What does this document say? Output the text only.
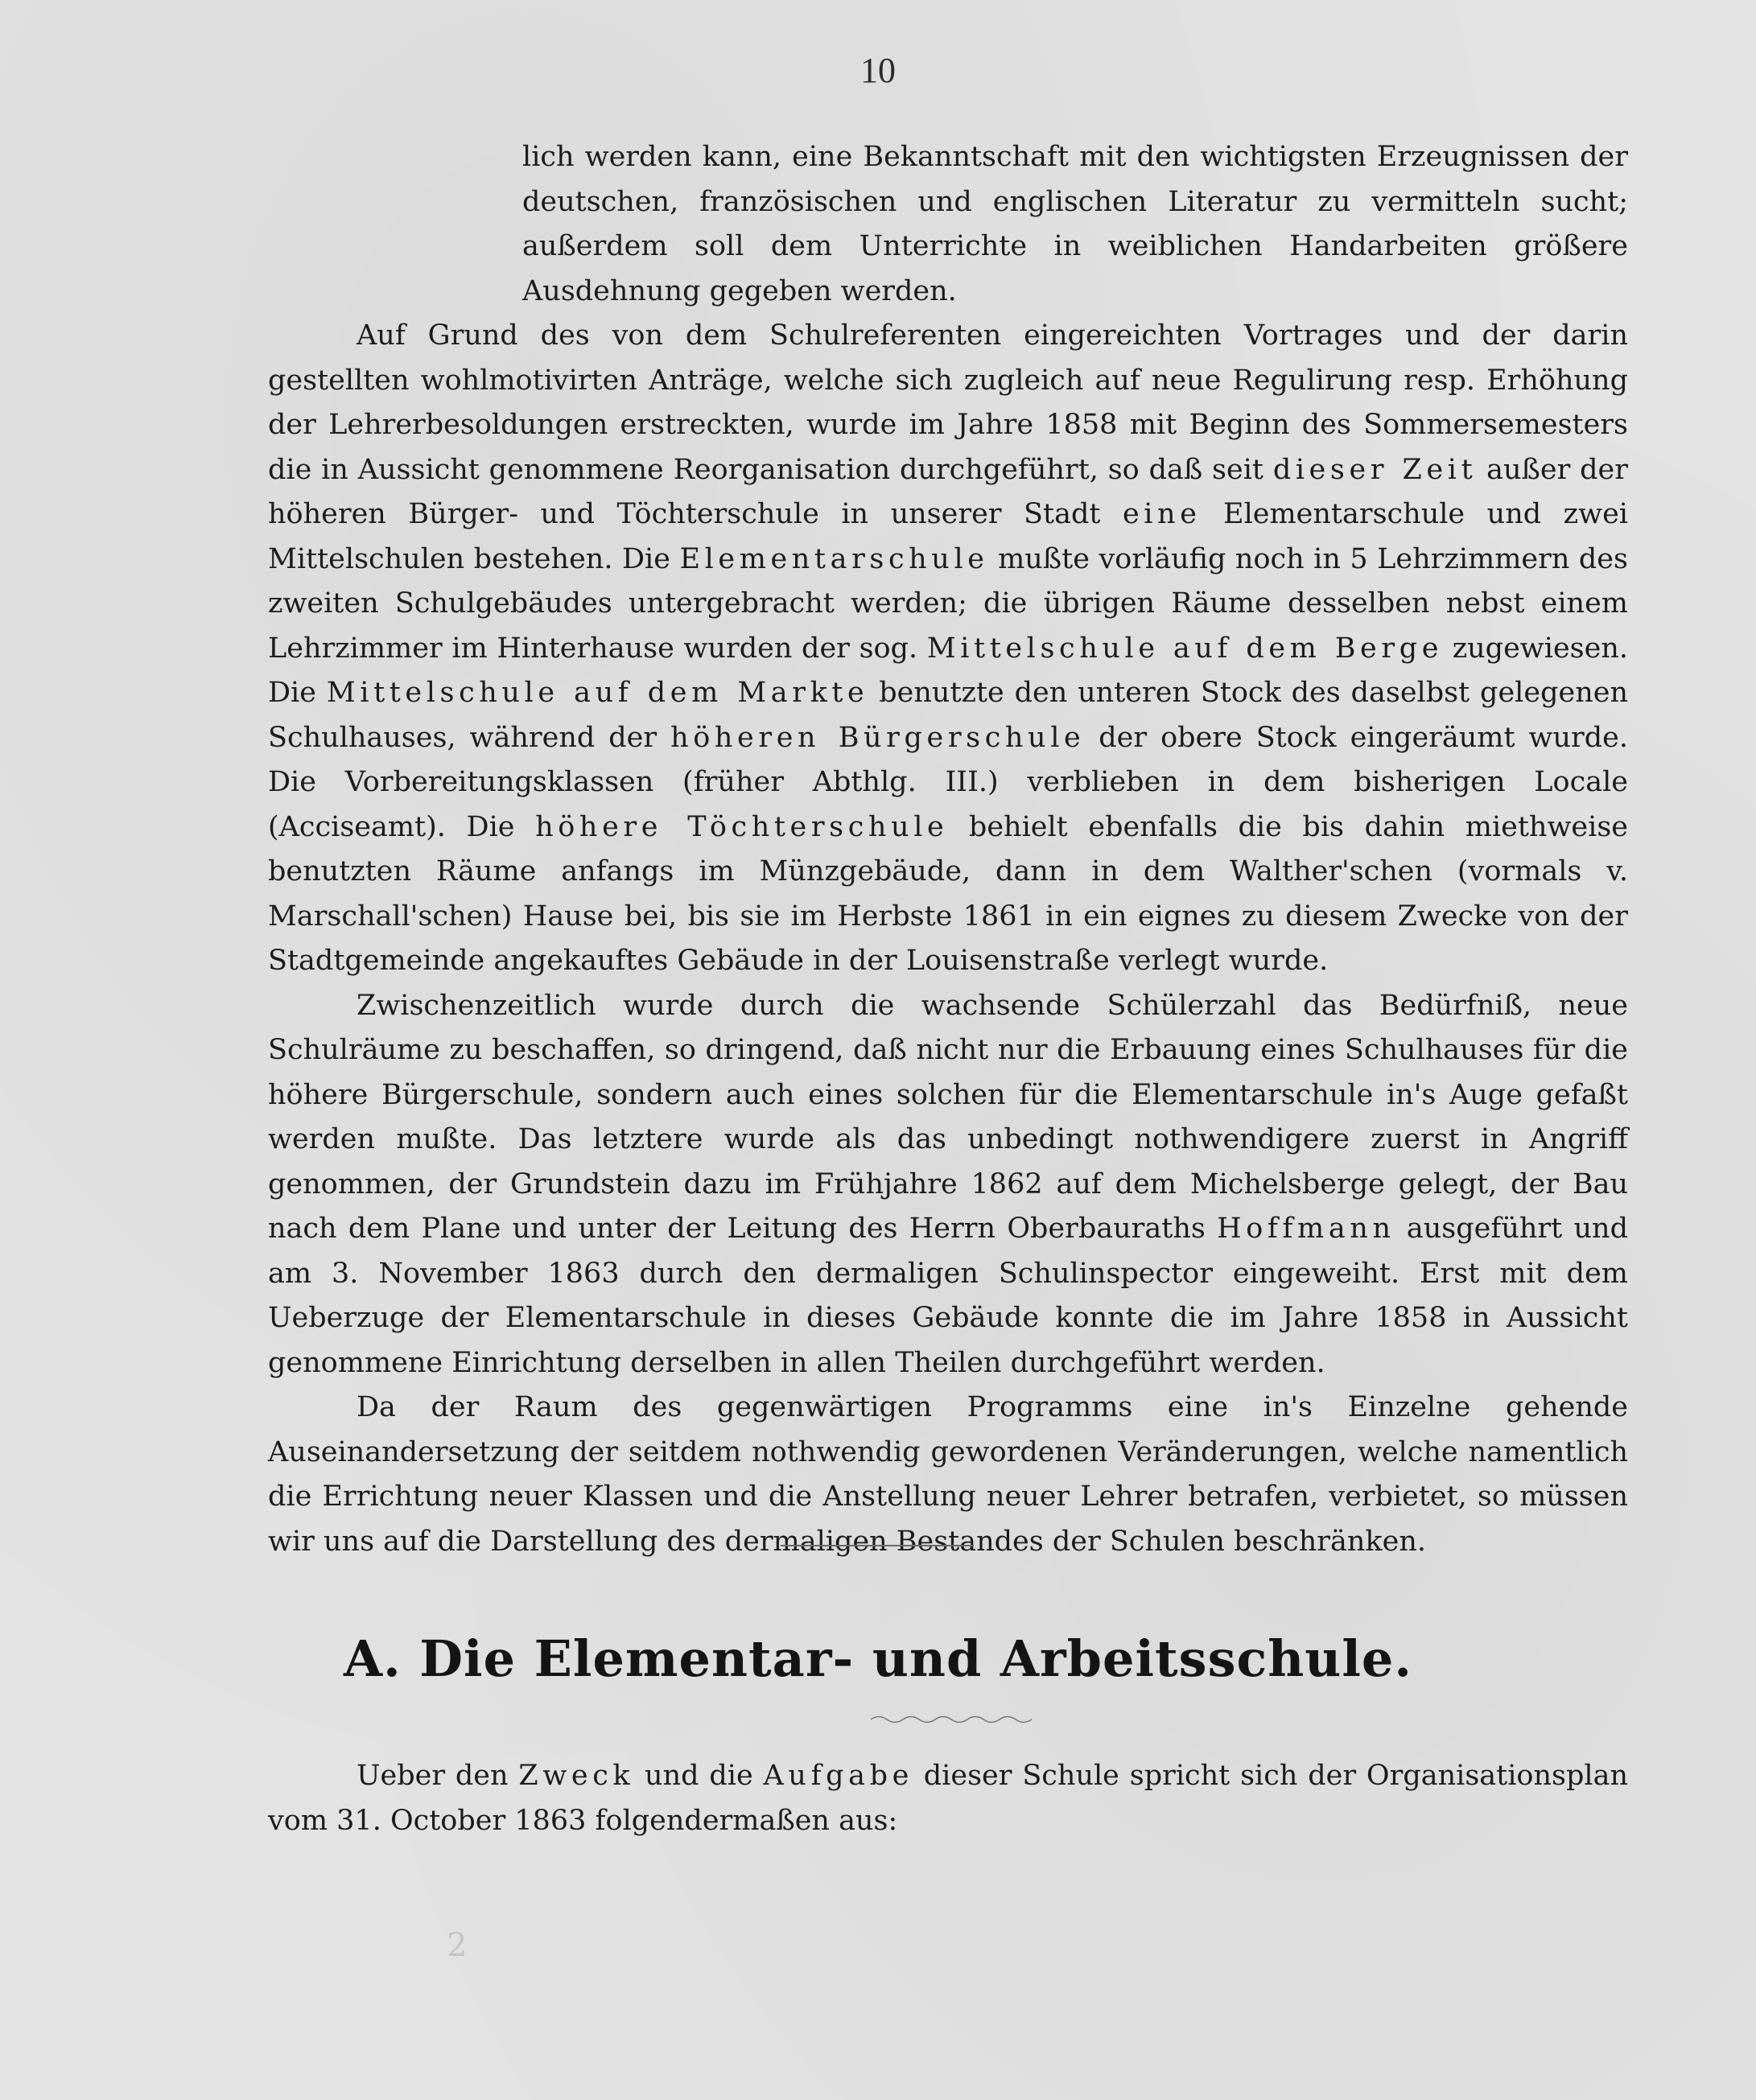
10

lich werden kann, eine Bekanntschaft mit den wichtigsten Erzeugnissen der deutschen, französischen und englischen Literatur zu vermitteln sucht; außerdem soll dem Unterrichte in weiblichen Handarbeiten größere Ausdehnung gegeben werden.

Auf Grund des von dem Schulreferenten eingereichten Vortrages und der darin gestellten wohlmotivirten Anträge, welche sich zugleich auf neue Regulirung resp. Erhöhung der Lehrerbesoldungen erstreckten, wurde im Jahre 1858 mit Beginn des Sommersemesters die in Aussicht genommene Reorganisation durchgeführt, so daß seit dieser Zeit außer der höheren Bürger- und Töchterschule in unserer Stadt eine Elementarschule und zwei Mittelschulen bestehen. Die Elementarschule mußte vorläufig noch in 5 Lehrzimmern des zweiten Schulgebäudes untergebracht werden; die übrigen Räume desselben nebst einem Lehrzimmer im Hinterhause wurden der sog. Mittelschule auf dem Berge zugewiesen. Die Mittelschule auf dem Markte benutzte den unteren Stock des daselbst gelegenen Schulhauses, während der höheren Bürgerschule der obere Stock eingeräumt wurde. Die Vorbereitungsklassen (früher Abthlg. III.) verblieben in dem bisherigen Locale (Acciseamt). Die höhere Töchterschule behielt ebenfalls die bis dahin miethweise benutzten Räume anfangs im Münzgebäude, dann in dem Walther'schen (vormals v. Marschall'schen) Hause bei, bis sie im Herbste 1861 in ein eignes zu diesem Zwecke von der Stadtgemeinde angekauftes Gebäude in der Louisenstraße verlegt wurde.

Zwischenzeitlich wurde durch die wachsende Schülerzahl das Bedürfniß, neue Schulräume zu beschaffen, so dringend, daß nicht nur die Erbauung eines Schulhauses für die höhere Bürgerschule, sondern auch eines solchen für die Elementarschule in's Auge gefaßt werden mußte. Das letztere wurde als das unbedingt nothwendigere zuerst in Angriff genommen, der Grundstein dazu im Frühjahre 1862 auf dem Michelsberge gelegt, der Bau nach dem Plane und unter der Leitung des Herrn Oberbauraths Hoffmann ausgeführt und am 3. November 1863 durch den dermaligen Schulinspector eingeweiht. Erst mit dem Ueberzuge der Elementarschule in dieses Gebäude konnte die im Jahre 1858 in Aussicht genommene Einrichtung derselben in allen Theilen durchgeführt werden.

Da der Raum des gegenwärtigen Programms eine in's Einzelne gehende Auseinandersetzung der seitdem nothwendig gewordenen Veränderungen, welche namentlich die Errichtung neuer Klassen und die Anstellung neuer Lehrer betrafen, verbietet, so müssen wir uns auf die Darstellung des dermaligen Bestandes der Schulen beschränken.

A. Die Elementar- und Arbeitsschule.

Ueber den Zweck und die Aufgabe dieser Schule spricht sich der Organisationsplan vom 31. October 1863 folgendermaßen aus:

2
